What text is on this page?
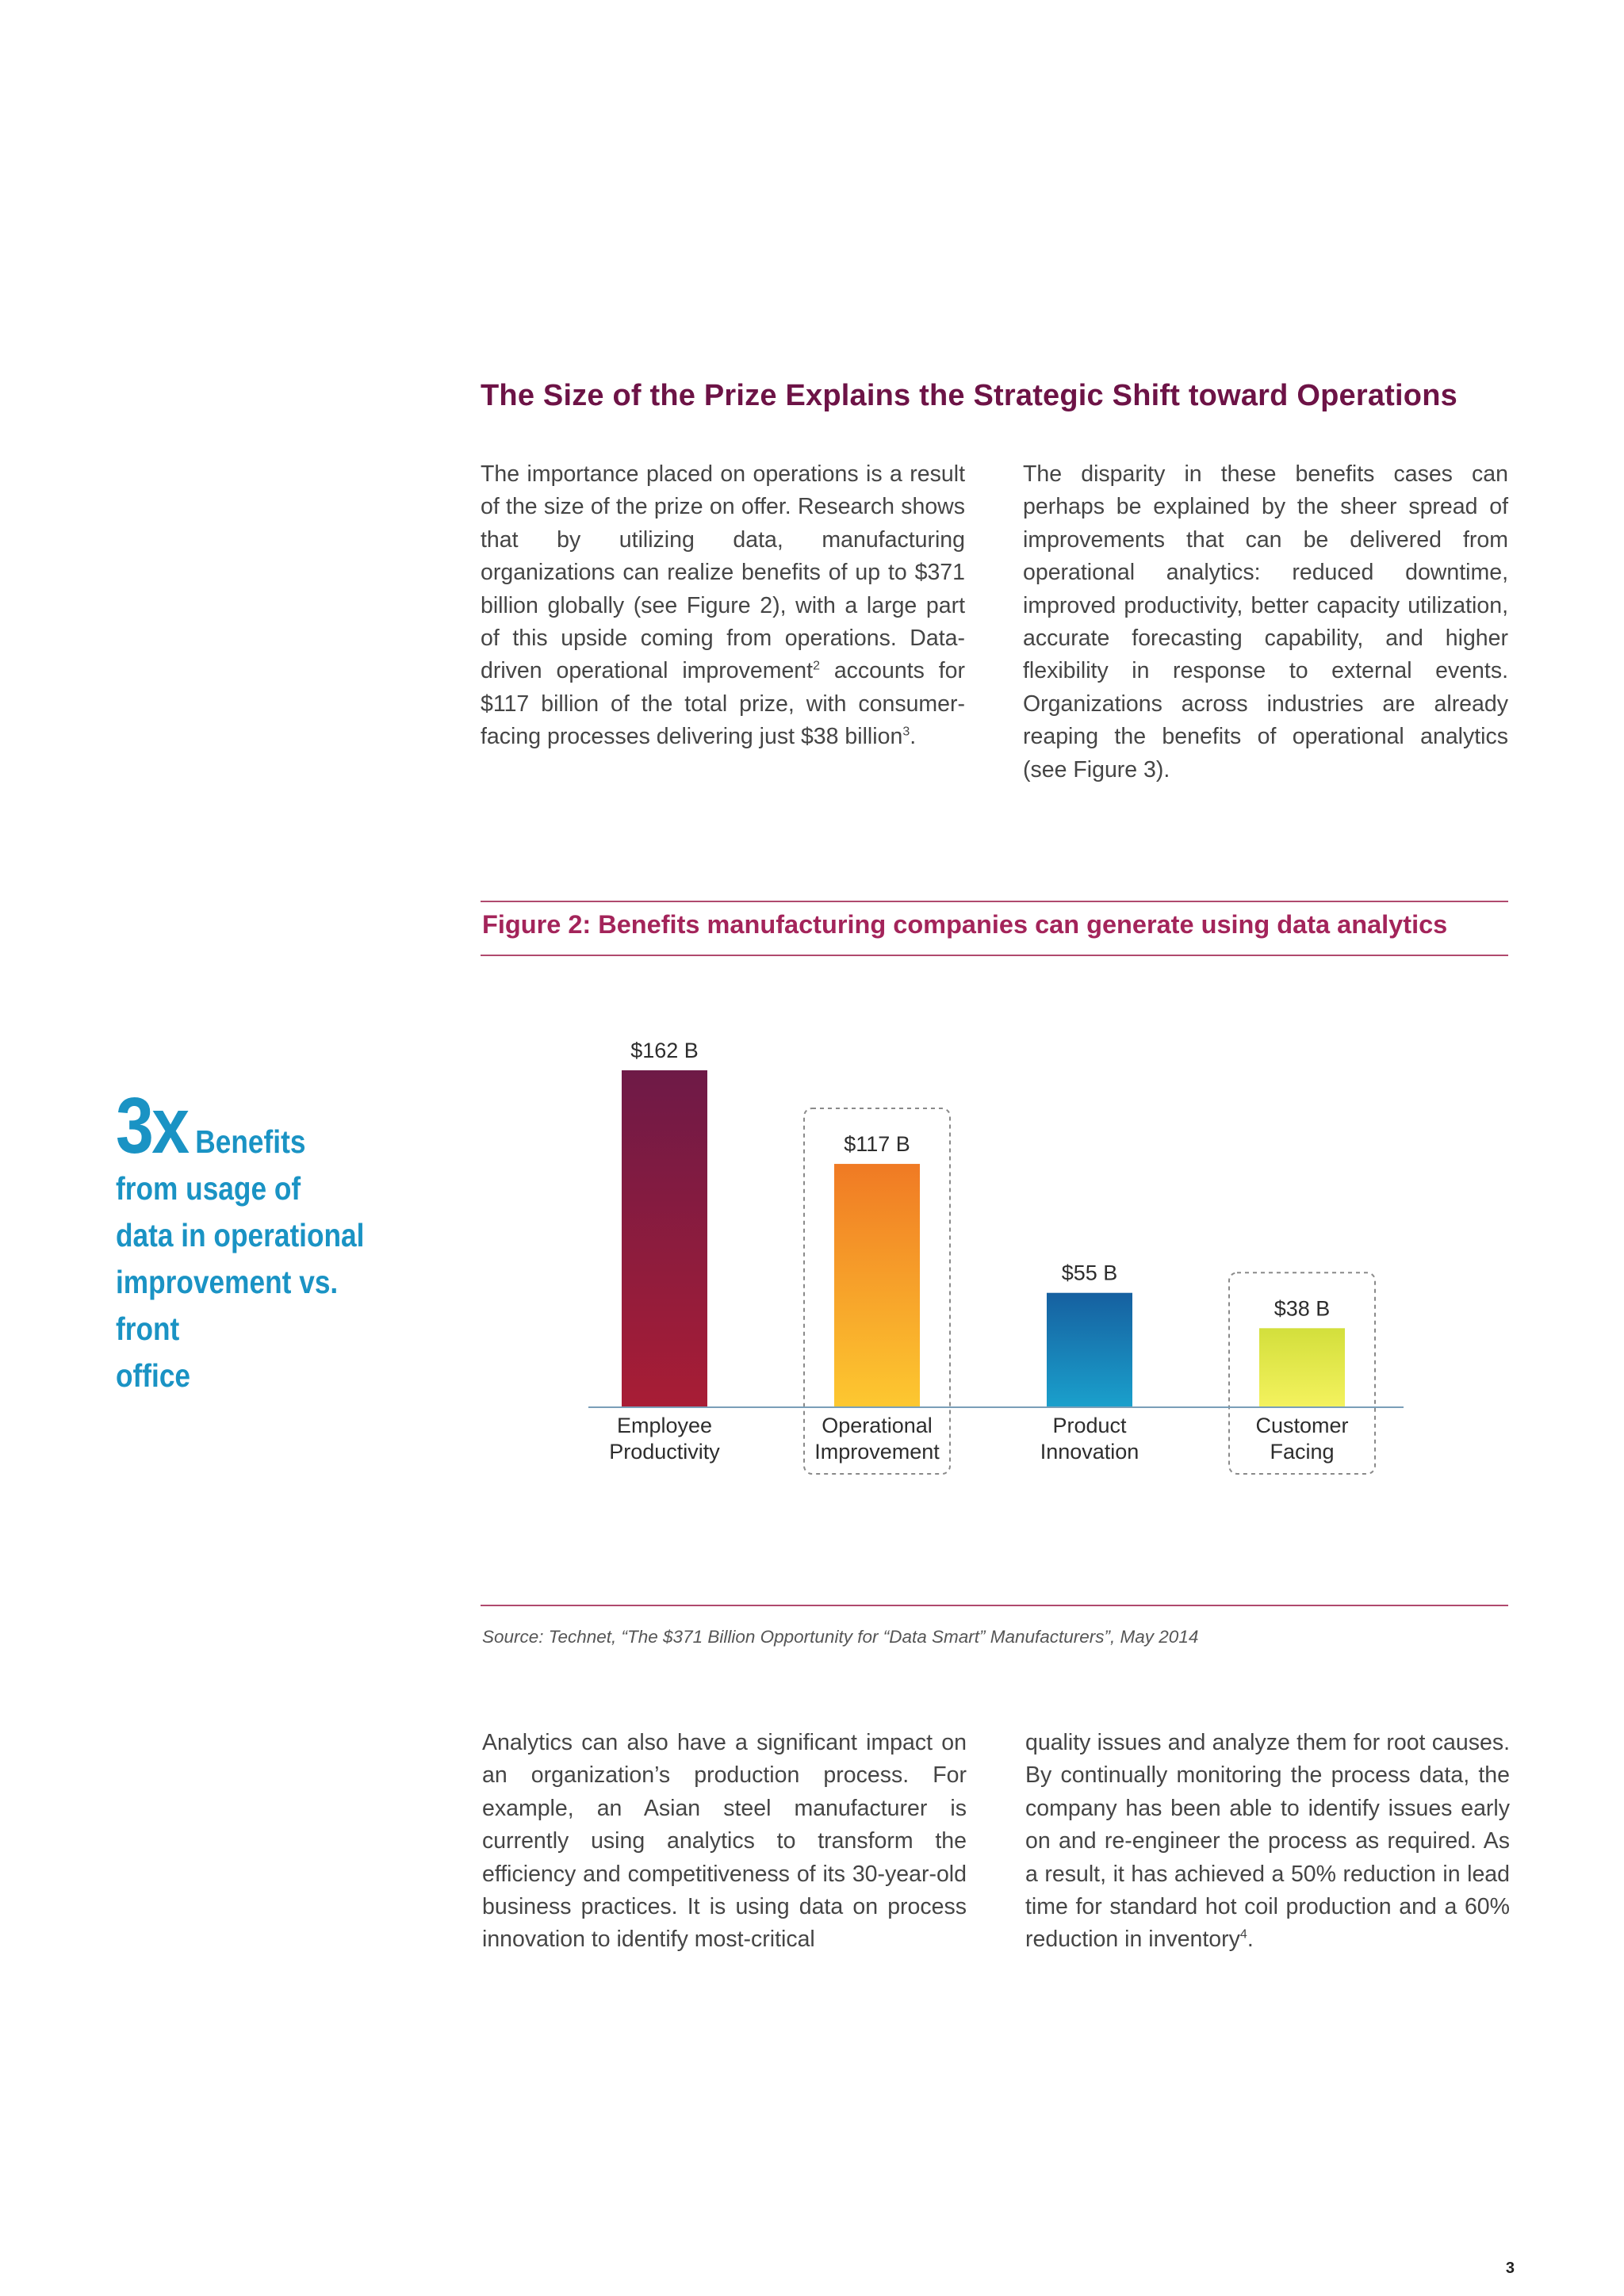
The Size of the Prize Explains the Strategic Shift toward Operations

The importance placed on operations is a result of the size of the prize on offer. Research shows that by utilizing data, manufacturing organizations can realize benefits of up to $371 billion globally (see Figure 2), with a large part of this upside coming from operations. Data-driven operational improvement$^2$ accounts for $117 billion of the total prize, with consumer-facing processes delivering just $38 billion$^3$.

The disparity in these benefits cases can perhaps be explained by the sheer spread of improvements that can be delivered from operational analytics: reduced downtime, improved productivity, better capacity utilization, accurate forecasting capability, and higher flexibility in response to external events. Organizations across industries are already reaping the benefits of operational analytics (see Figure 3).

Figure 2: Benefits manufacturing companies can generate using data analytics
3x Benefits
from usage of
data in operational
improvement vs. front
office
$162 B
Employee
Productivity
$117 B
Operational
Improvement
$55 B
Product
Innovation
$38 B
Customer
Facing
Source: Technet, “The $371 Billion Opportunity for “Data Smart” Manufacturers”, May 2014

Analytics can also have a significant impact on an organization’s production process. For example, an Asian steel manufacturer is currently using analytics to transform the efficiency and competitiveness of its 30-year-old business practices. It is using data on process innovation to identify most-critical

quality issues and analyze them for root causes. By continually monitoring the process data, the company has been able to identify issues early on and re-engineer the process as required. As a result, it has achieved a 50% reduction in lead time for standard hot coil production and a 60% reduction in inventory$^4$.

3
